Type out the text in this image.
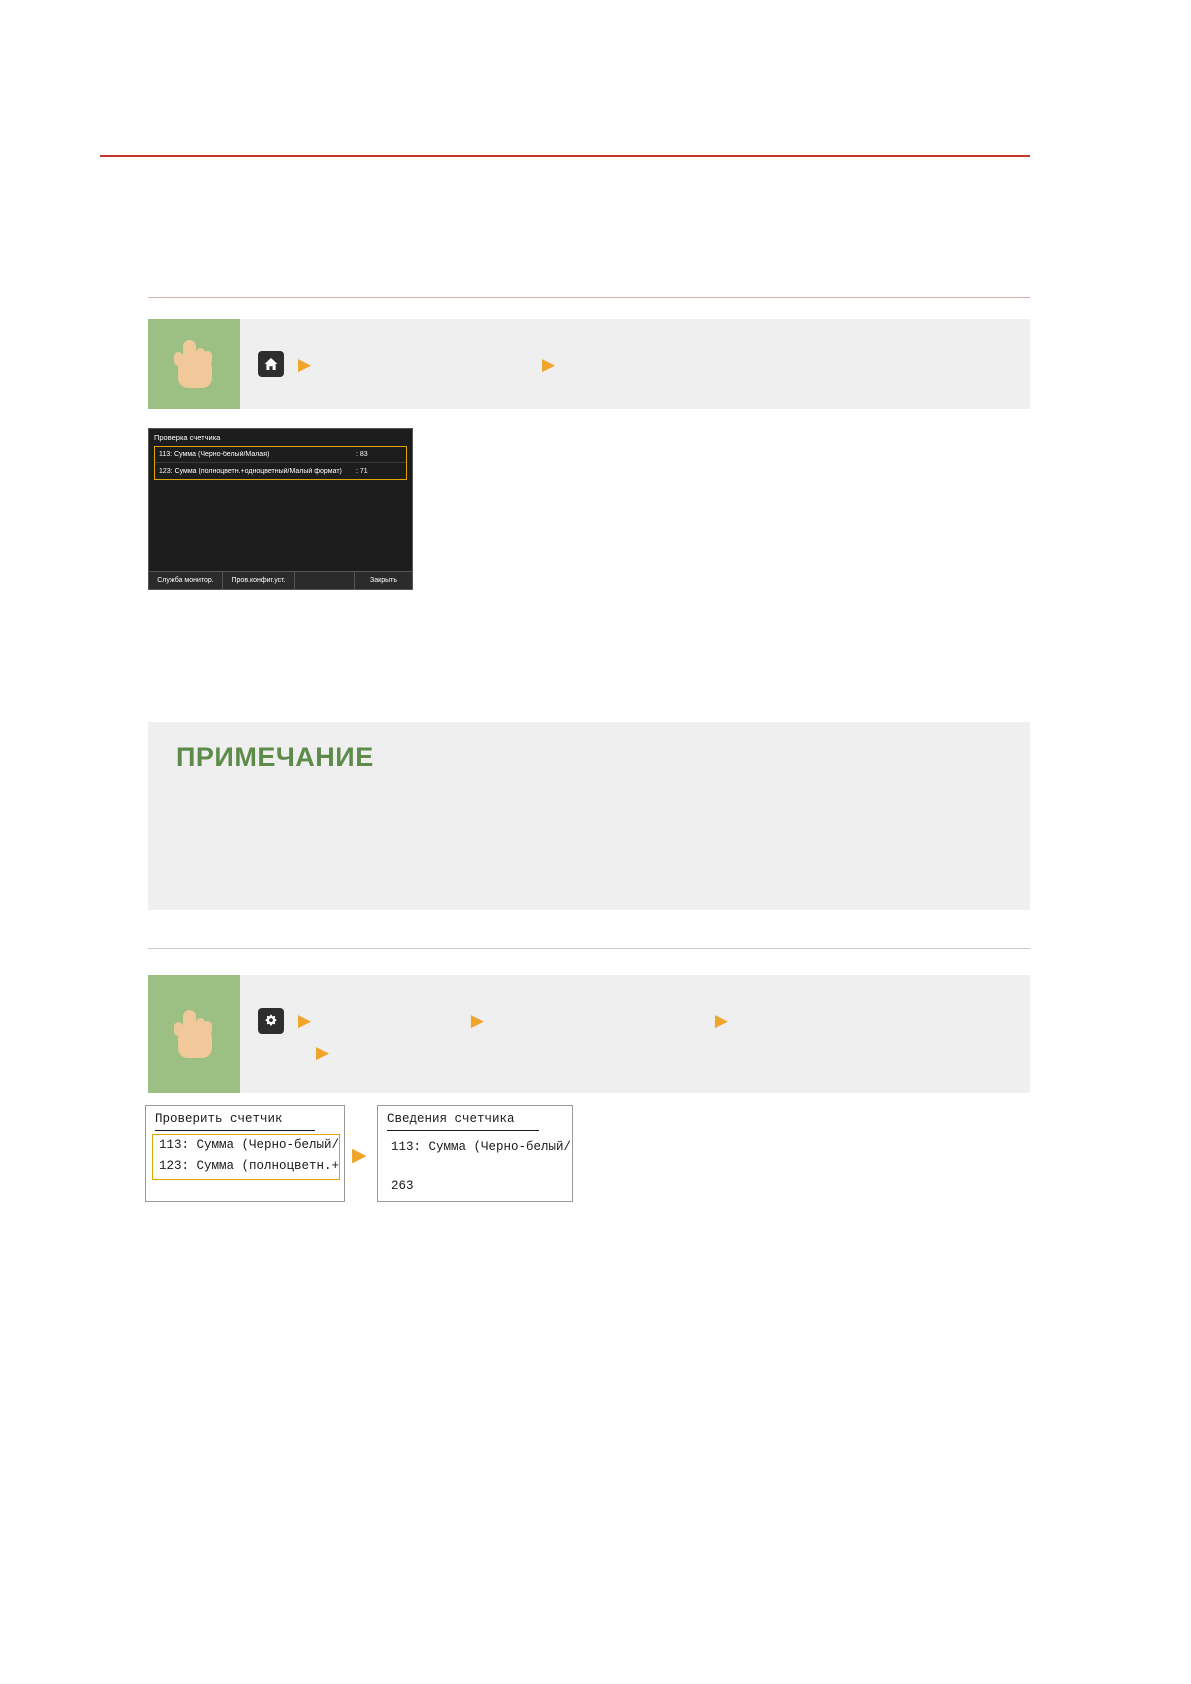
▶	▶
Проверка счетчика
113: Сумма (Черно-белый/Малая)	: 83
123: Сумма (полноцветн.+одноцветный/Малый формат)	: 71
Служба монитор.	Пров.конфиг.уст.	Закрыть
ПРИМЕЧАНИЕ
▶	▶	▶
▶
Проверить счетчик
113: Сумма (Черно-белый/
123: Сумма (полноцветн.+ ▶
Сведения счетчика
113: Сумма (Черно-белый/
263
